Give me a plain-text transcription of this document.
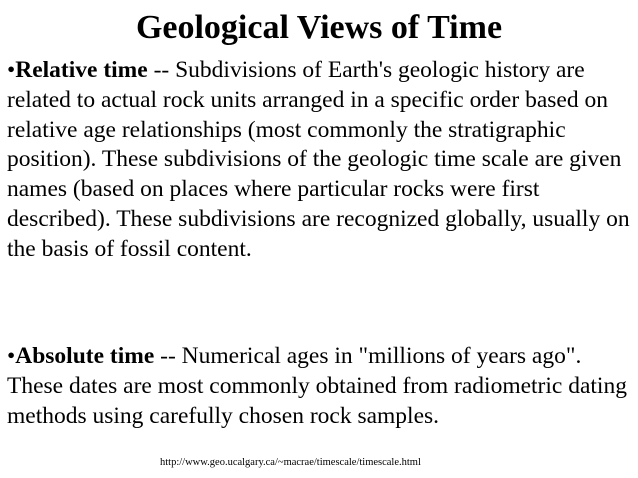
Geological Views of Time

•Relative time -- Subdivisions of Earth's geologic history are related to actual rock units arranged in a specific order based on relative age relationships (most commonly the stratigraphic position). These subdivisions of the geologic time scale are given names (based on places where particular rocks were first described). These subdivisions are recognized globally, usually on the basis of fossil content.

•Absolute time -- Numerical ages in "millions of years ago". These dates are most commonly obtained from radiometric dating methods using carefully chosen rock samples.

http://www.geo.ucalgary.ca/~macrae/timescale/timescale.html
